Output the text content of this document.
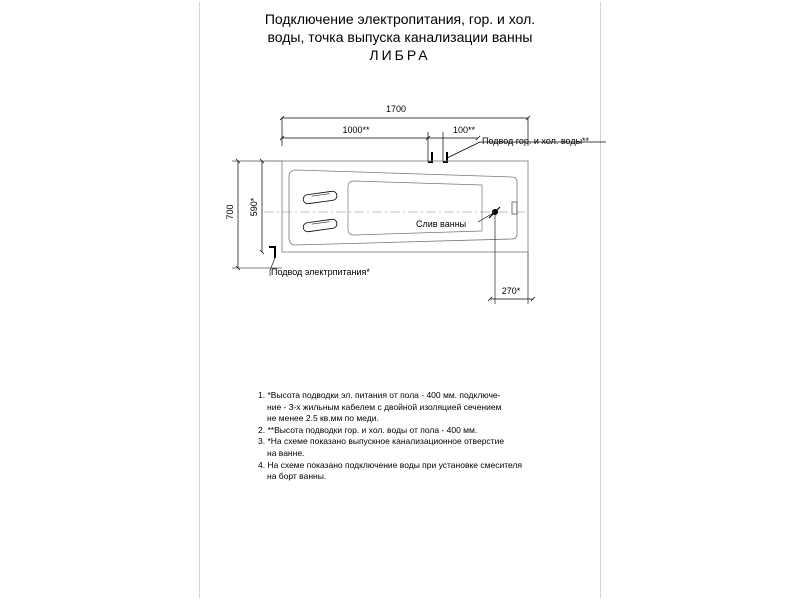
Подключение электропитания, гор. и хол.
воды, точка выпуска канализации ванны
ЛИБРА
1700
1000**	100**
Подвод гор. и хол. воды**
Слив ванны
700 590*
Подвод электрпитания*
270*
1. *Высота подводки эл. питания от пола - 400 мм. подключе-
ние - 3-х жильным кабелем с двойной изоляцией сечением
не менее 2.5 кв.мм по меди.
2. **Высота подводки гор. и хол. воды от пола - 400 мм.
3. *На схеме показано выпускное канализационное отверстие
на ванне.
4. На схеме показано подключение воды при установке смесителя
на борт ванны.
